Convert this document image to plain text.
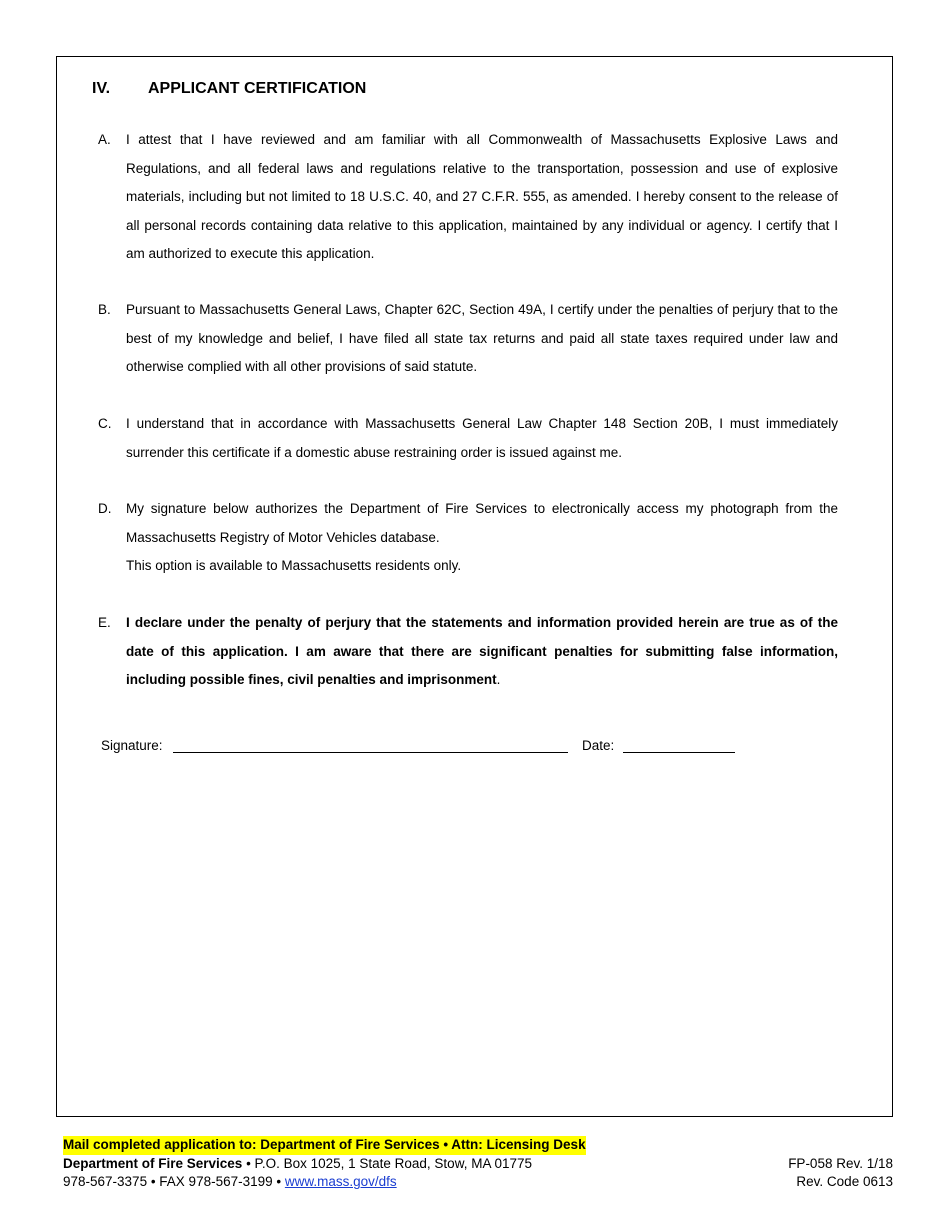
IV. APPLICANT CERTIFICATION
A.	I attest that I have reviewed and am familiar with all Commonwealth of Massachusetts Explosive Laws and Regulations, and all federal laws and regulations relative to the transportation, possession and use of explosive materials, including but not limited to 18 U.S.C. 40, and 27 C.F.R. 555, as amended. I hereby consent to the release of all personal records containing data relative to this application, maintained by any individual or agency. I certify that I am authorized to execute this application.

B.	Pursuant to Massachusetts General Laws, Chapter 62C, Section 49A, I certify under the penalties of perjury that to the best of my knowledge and belief, I have filed all state tax returns and paid all state taxes required under law and otherwise complied with all other provisions of said statute.

C.	I understand that in accordance with Massachusetts General Law Chapter 148 Section 20B, I must immediately surrender this certificate if a domestic abuse restraining order is issued against me.

D.	My signature below authorizes the Department of Fire Services to electronically access my photograph from the Massachusetts Registry of Motor Vehicles database.

This option is available to Massachusetts residents only.

E.	I declare under the penalty of perjury that the statements and information provided herein are true as of the date of this application. I am aware that there are significant penalties for submitting false information, including possible fines, civil penalties and imprisonment.

Signature:	Date:
Mail completed application to: Department of Fire Services • Attn: Licensing Desk
Department of Fire Services • P.O. Box 1025, 1 State Road, Stow, MA 01775
978-567-3375 • FAX 978-567-3199 • www.mass.gov/dfs
FP-058 Rev. 1/18
Rev. Code 0613
